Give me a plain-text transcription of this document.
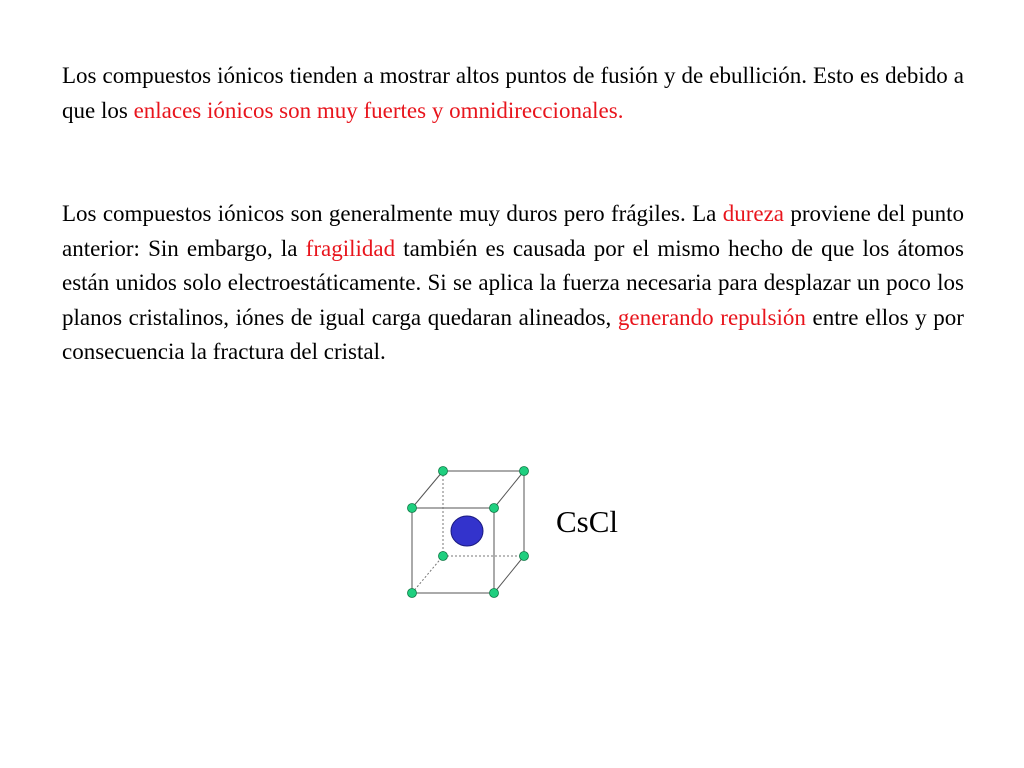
Los compuestos iónicos tienden a mostrar altos puntos de fusión y de ebullición. Esto es debido a que los enlaces iónicos son muy fuertes y omnidireccionales.

Los compuestos iónicos son generalmente muy duros pero frágiles. La dureza proviene del punto anterior: Sin embargo, la fragilidad también es causada por el mismo hecho de que los átomos están unidos solo electroestáticamente. Si se aplica la fuerza necesaria para desplazar un poco los planos cristalinos, iónes de igual carga quedaran alineados, generando repulsión entre ellos y por consecuencia la fractura del cristal.

CsCl
